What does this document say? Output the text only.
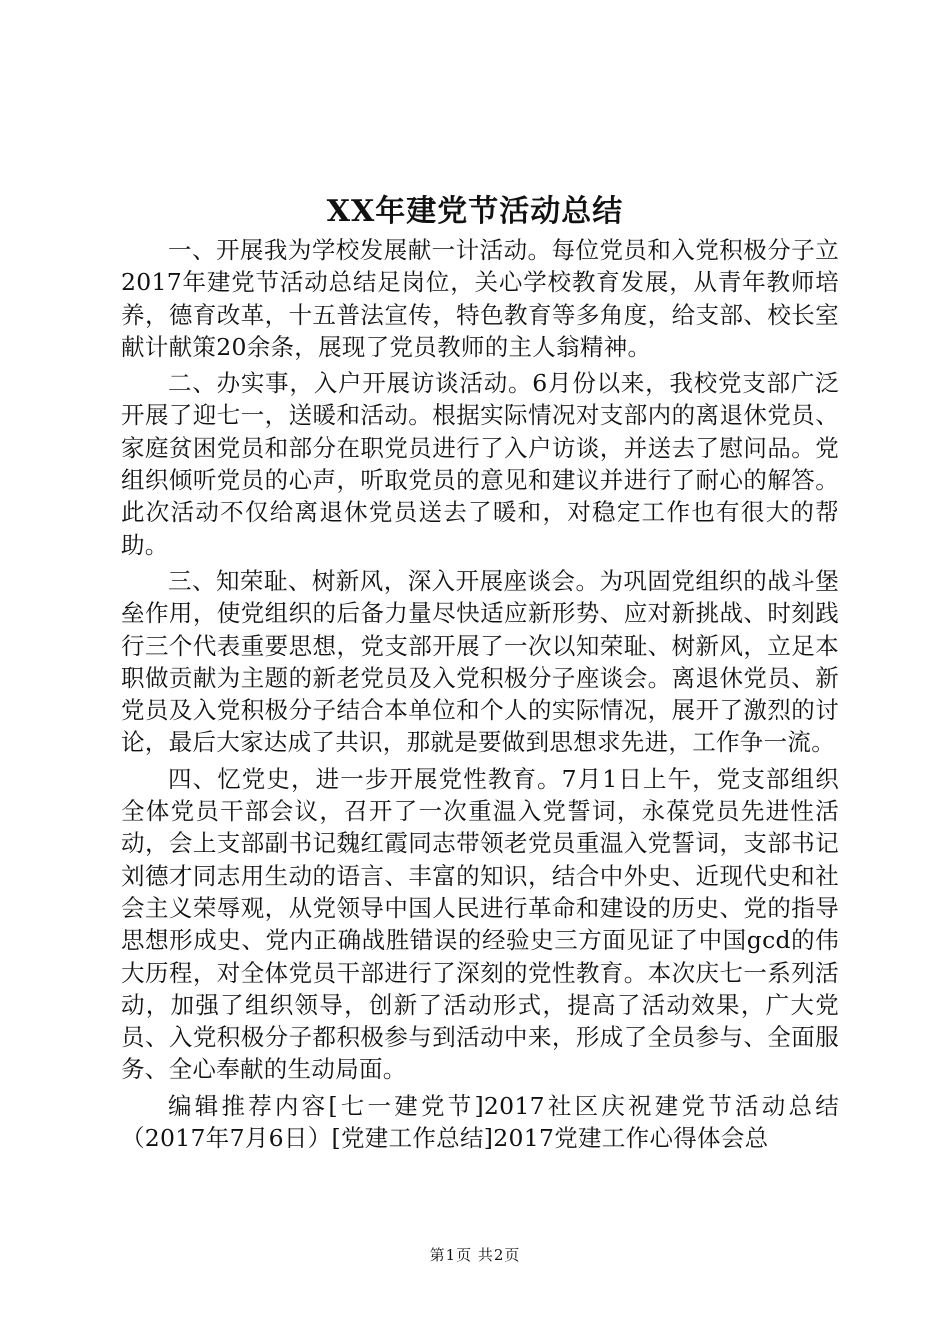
XX年建党节活动总结

一、开展我为学校发展献一计活动。每位党员和入党积极分子立2017年建党节活动总结足岗位，关心学校教育发展，从青年教师培养，德育改革，十五普法宣传，特色教育等多角度，给支部、校长室献计献策20余条，展现了党员教师的主人翁精神。

二、办实事，入户开展访谈活动。6月份以来，我校党支部广泛开展了迎七一，送暖和活动。根据实际情况对支部内的离退休党员、家庭贫困党员和部分在职党员进行了入户访谈，并送去了慰问品。党组织倾听党员的心声，听取党员的意见和建议并进行了耐心的解答。此次活动不仅给离退休党员送去了暖和，对稳定工作也有很大的帮助。

三、知荣耻、树新风，深入开展座谈会。为巩固党组织的战斗堡垒作用，使党组织的后备力量尽快适应新形势、应对新挑战、时刻践行三个代表重要思想，党支部开展了一次以知荣耻、树新风，立足本职做贡献为主题的新老党员及入党积极分子座谈会。离退休党员、新党员及入党积极分子结合本单位和个人的实际情况，展开了激烈的讨论，最后大家达成了共识，那就是要做到思想求先进，工作争一流。

四、忆党史，进一步开展党性教育。7月1日上午，党支部组织全体党员干部会议，召开了一次重温入党誓词，永葆党员先进性活动，会上支部副书记魏红霞同志带领老党员重温入党誓词，支部书记刘德才同志用生动的语言、丰富的知识，结合中外史、近现代史和社会主义荣辱观，从党领导中国人民进行革命和建设的历史、党的指导思想形成史、党内正确战胜错误的经验史三方面见证了中国gcd的伟大历程，对全体党员干部进行了深刻的党性教育。本次庆七一系列活动，加强了组织领导，创新了活动形式，提高了活动效果，广大党员、入党积极分子都积极参与到活动中来，形成了全员参与、全面服务、全心奉献的生动局面。

编辑推荐内容[七一建党节]2017社区庆祝建党节活动总结（2017年7月6日）[党建工作总结]2017党建工作心得体会总

第1页 共2页
